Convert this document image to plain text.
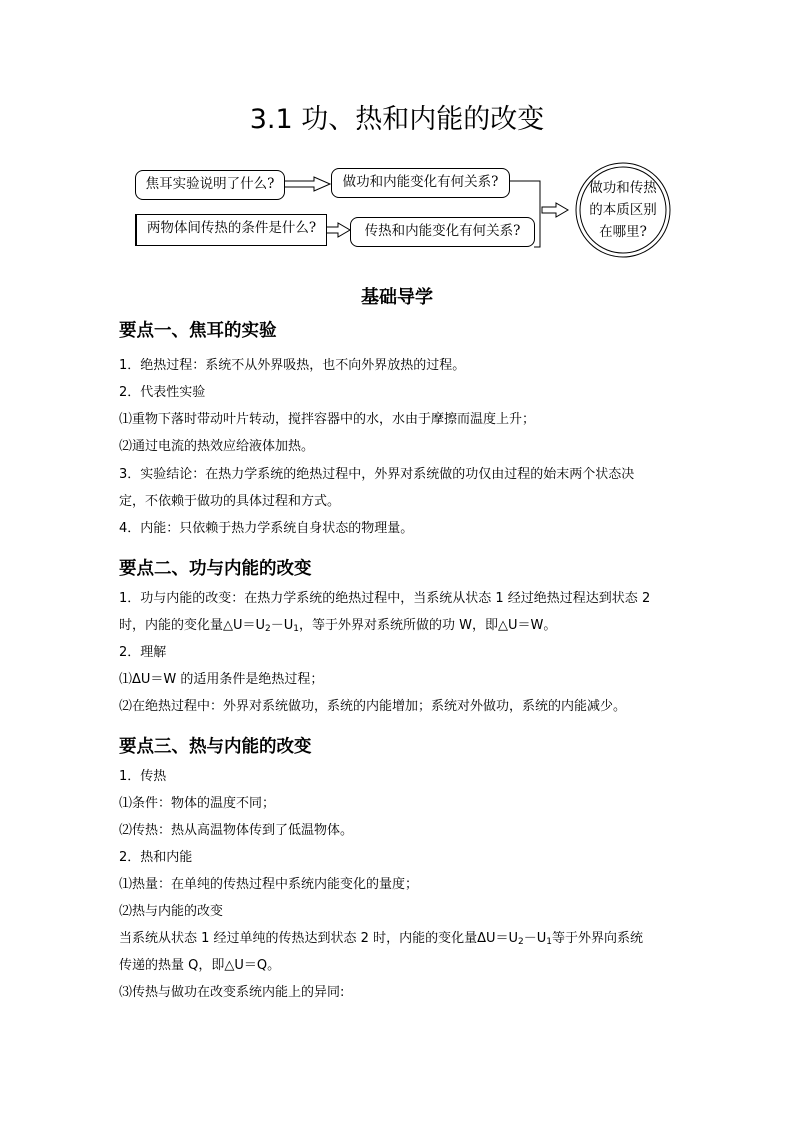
3.1 功、热和内能的改变
焦耳实验说明了什么?	做功和内能变化有何关系?
两物体间传热的条件是什么?	传热和内能变化有何关系?
做功和传热
的本质区别
在哪里?
基础导学
要点一、焦耳的实验

1．绝热过程：系统不从外界吸热，也不向外界放热的过程。

2．代表性实验

⑴重物下落时带动叶片转动，搅拌容器中的水，水由于摩擦而温度上升；

⑵通过电流的热效应给液体加热。

3．实验结论：在热力学系统的绝热过程中，外界对系统做的功仅由过程的始末两个状态决

定，不依赖于做功的具体过程和方式。

4．内能：只依赖于热力学系统自身状态的物理量。

要点二、功与内能的改变

1．功与内能的改变：在热力学系统的绝热过程中，当系统从状态 1 经过绝热过程达到状态 2

时，内能的变化量$\triangle U=U_2-U_1$，等于外界对系统所做的功 W，即△U＝W。

2．理解

⑴ΔU＝W 的适用条件是绝热过程；

⑵在绝热过程中：外界对系统做功，系统的内能增加；系统对外做功，系统的内能减少。

要点三、热与内能的改变

1．传热

⑴条件：物体的温度不同；

⑵传热：热从高温物体传到了低温物体。

2．热和内能

⑴热量：在单纯的传热过程中系统内能变化的量度；

⑵热与内能的改变

当系统从状态 1 经过单纯的传热达到状态 2 时，内能的变化量$\Delta U=U_2-U_1$等于外界向系统

传递的热量 Q，即△U＝Q。

⑶传热与做功在改变系统内能上的异同:
